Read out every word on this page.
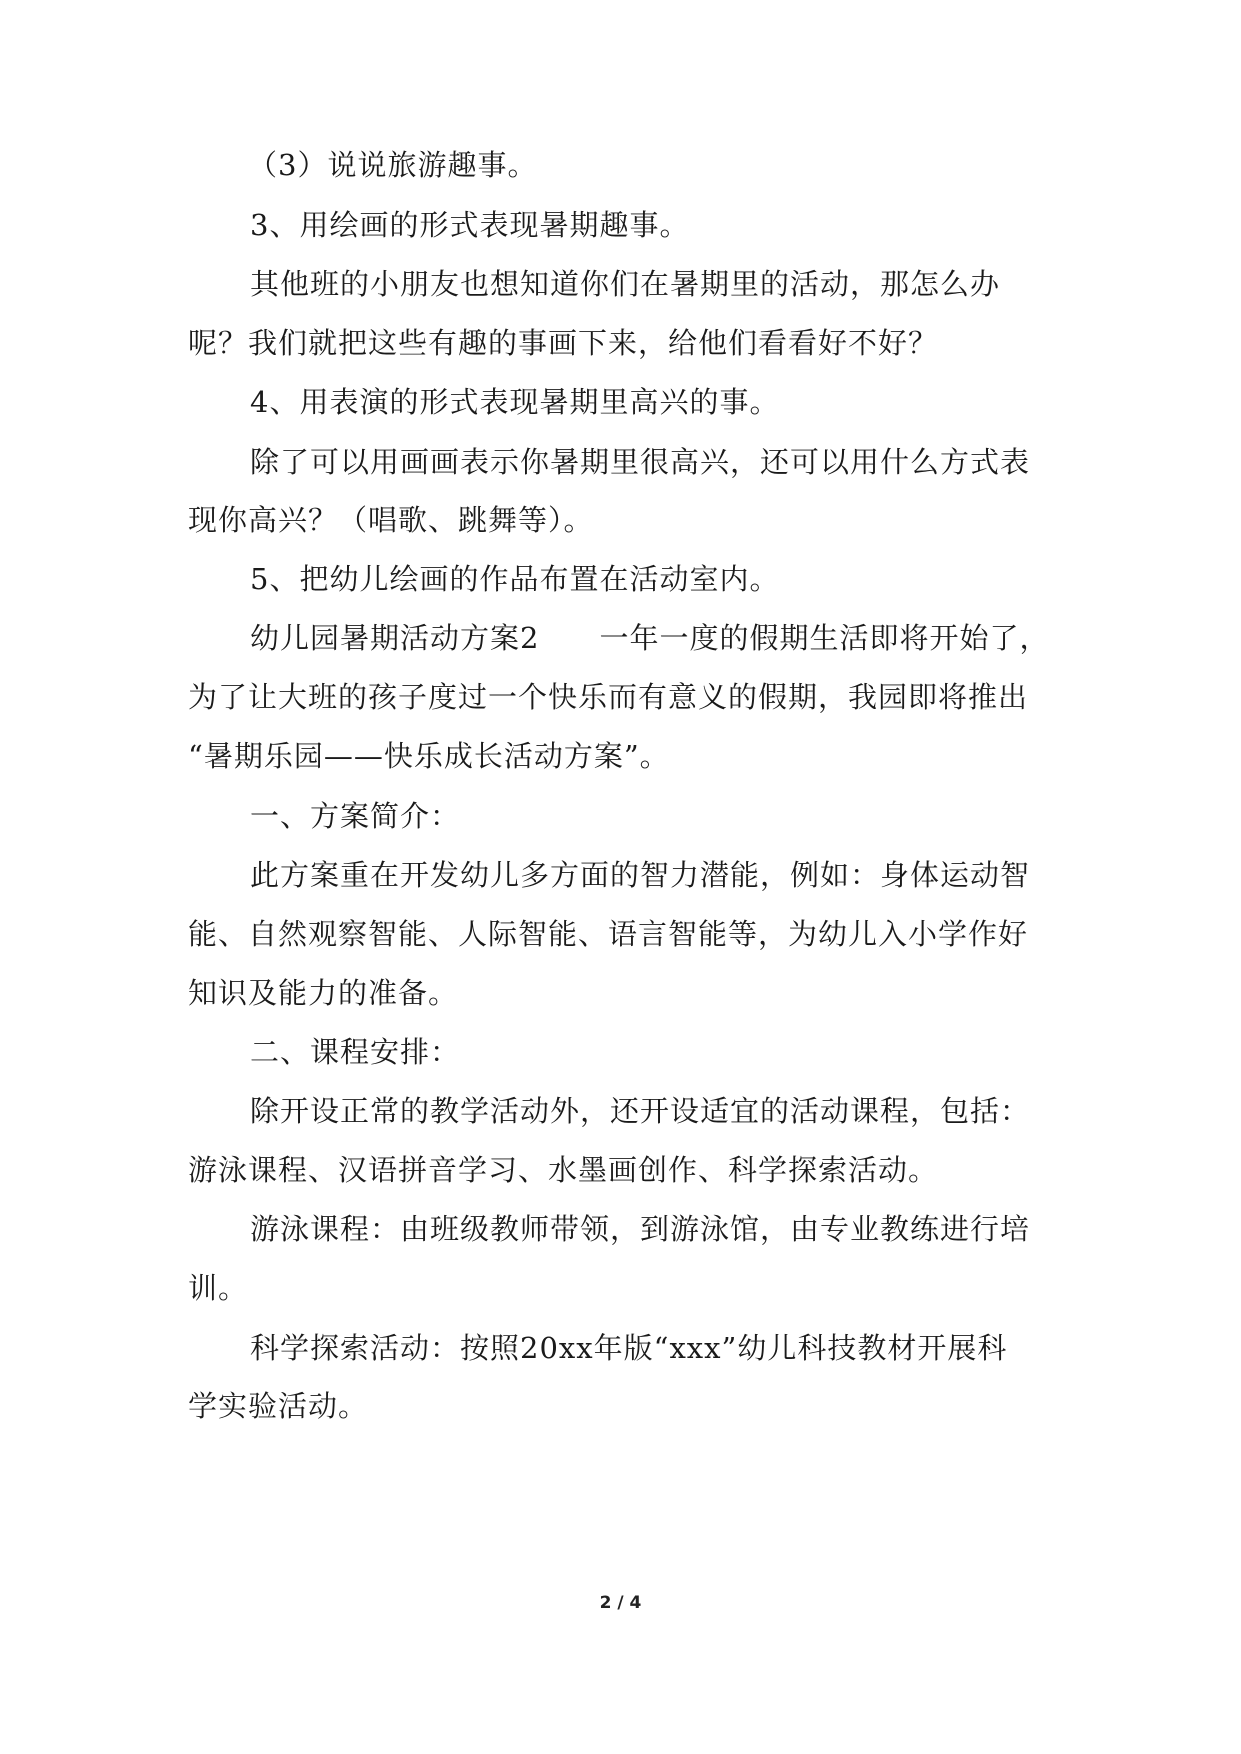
（3）说说旅游趣事。
3、用绘画的形式表现暑期趣事。
其他班的小朋友也想知道你们在暑期里的活动，那怎么办
呢？我们就把这些有趣的事画下来，给他们看看好不好？
4、用表演的形式表现暑期里高兴的事。
除了可以用画画表示你暑期里很高兴，还可以用什么方式表
现你高兴？（唱歌、跳舞等）。
5、把幼儿绘画的作品布置在活动室内。
幼儿园暑期活动方案2　　一年一度的假期生活即将开始了，
为了让大班的孩子度过一个快乐而有意义的假期，我园即将推出
“暑期乐园——快乐成长活动方案”。
一、方案简介：
此方案重在开发幼儿多方面的智力潜能，例如：身体运动智
能、自然观察智能、人际智能、语言智能等，为幼儿入小学作好
知识及能力的准备。
二、课程安排：
除开设正常的教学活动外，还开设适宜的活动课程，包括：
游泳课程、汉语拼音学习、水墨画创作、科学探索活动。
游泳课程：由班级教师带领，到游泳馆，由专业教练进行培
训。
科学探索活动：按照20xx年版“xxx”幼儿科技教材开展科
学实验活动。
2 / 4
